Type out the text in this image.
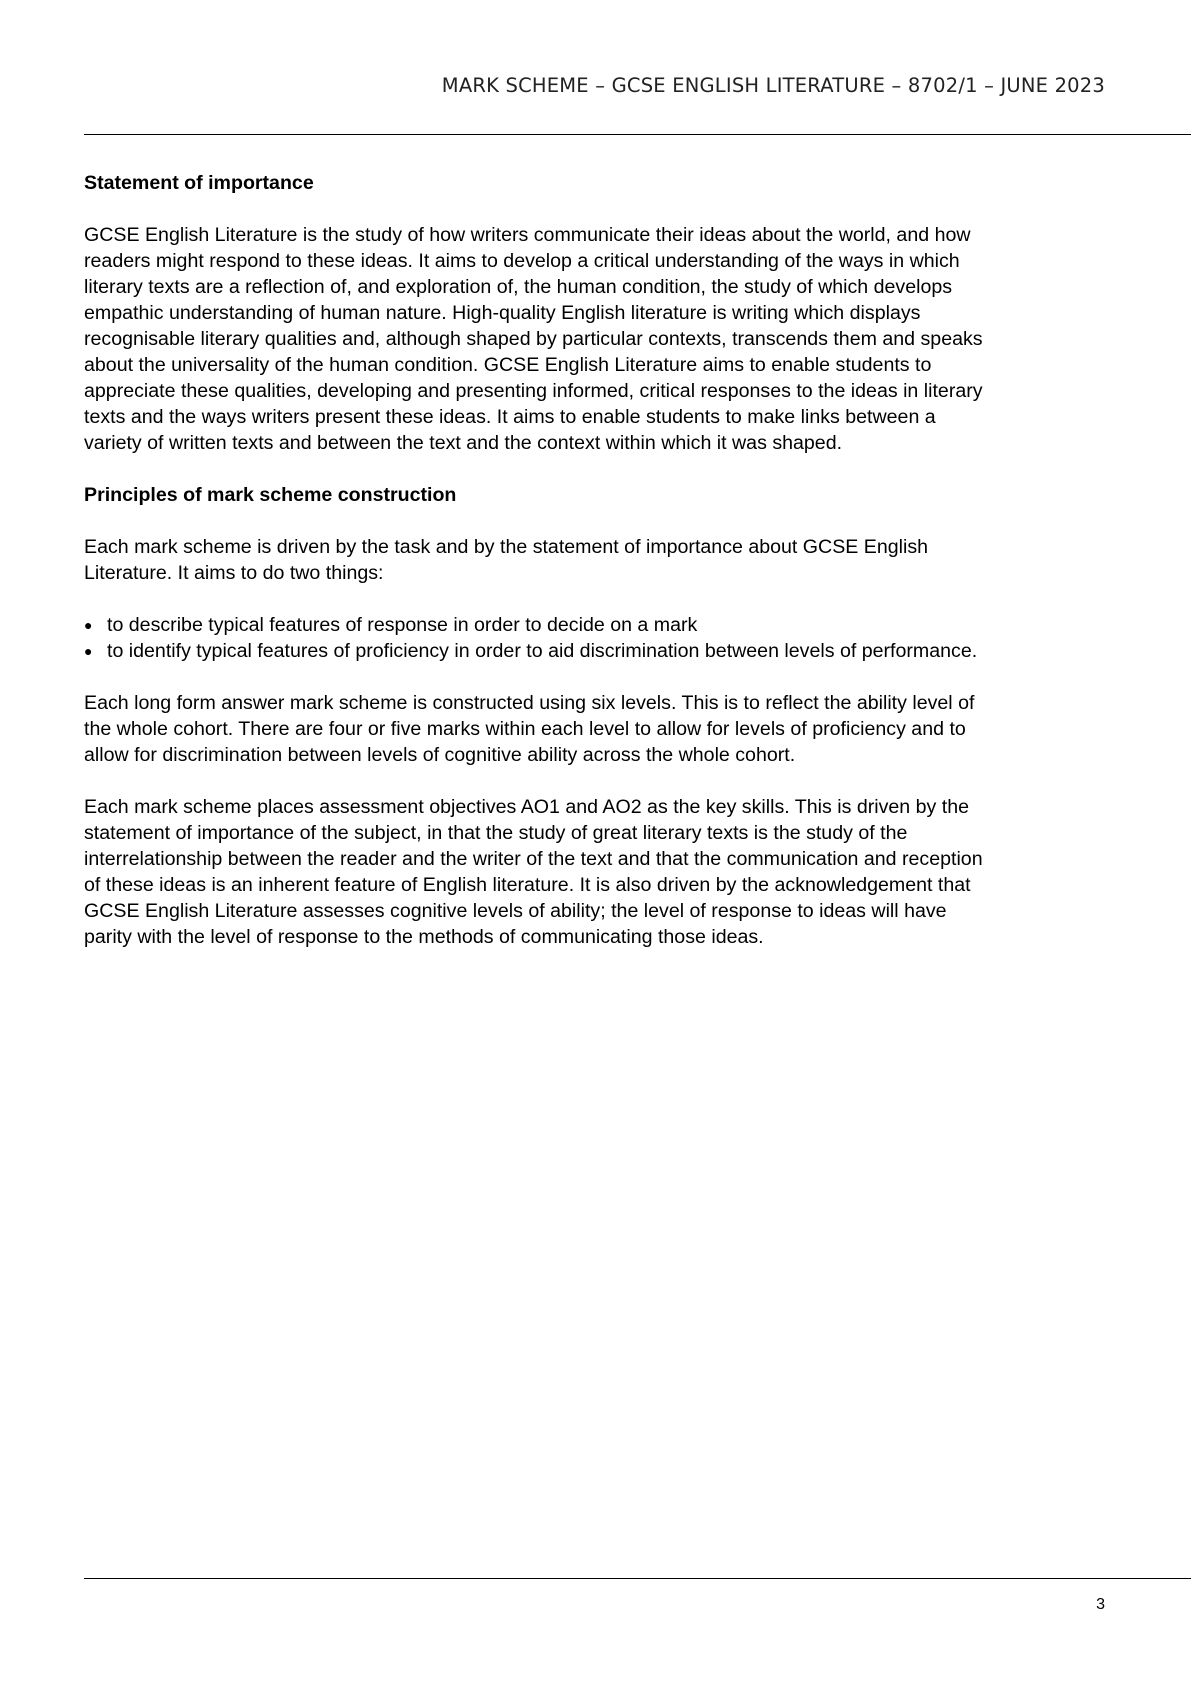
MARK SCHEME – GCSE ENGLISH LITERATURE – 8702/1 – JUNE 2023
Statement of importance

GCSE English Literature is the study of how writers communicate their ideas about the world, and how
readers might respond to these ideas. It aims to develop a critical understanding of the ways in which
literary texts are a reflection of, and exploration of, the human condition, the study of which develops
empathic understanding of human nature. High-quality English literature is writing which displays
recognisable literary qualities and, although shaped by particular contexts, transcends them and speaks
about the universality of the human condition. GCSE English Literature aims to enable students to
appreciate these qualities, developing and presenting informed, critical responses to the ideas in literary
texts and the ways writers present these ideas. It aims to enable students to make links between a
variety of written texts and between the text and the context within which it was shaped.

Principles of mark scheme construction

Each mark scheme is driven by the task and by the statement of importance about GCSE English
Literature. It aims to do two things:

● to describe typical features of response in order to decide on a mark
● to identify typical features of proficiency in order to aid discrimination between levels of performance.

Each long form answer mark scheme is constructed using six levels. This is to reflect the ability level of
the whole cohort. There are four or five marks within each level to allow for levels of proficiency and to
allow for discrimination between levels of cognitive ability across the whole cohort.

Each mark scheme places assessment objectives AO1 and AO2 as the key skills. This is driven by the
statement of importance of the subject, in that the study of great literary texts is the study of the
interrelationship between the reader and the writer of the text and that the communication and reception
of these ideas is an inherent feature of English literature. It is also driven by the acknowledgement that
GCSE English Literature assesses cognitive levels of ability; the level of response to ideas will have
parity with the level of response to the methods of communicating those ideas.

3
